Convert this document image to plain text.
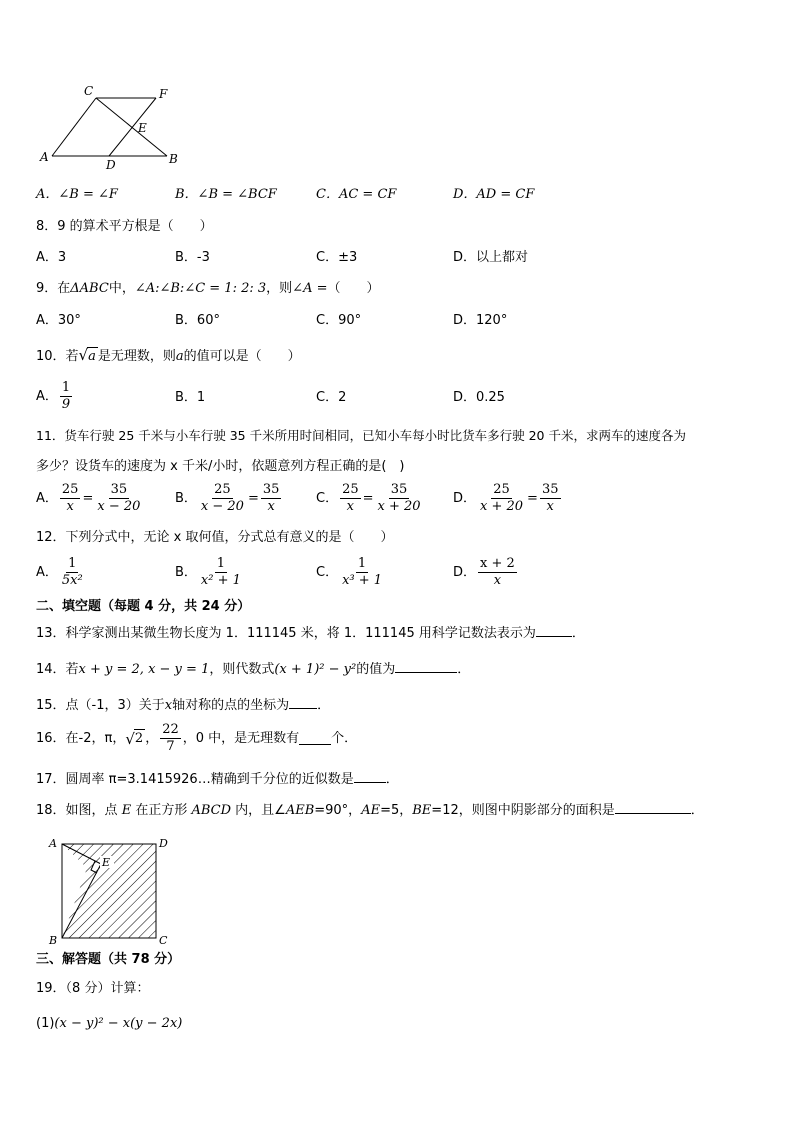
C	F
E
A
D	B
A．∠B = ∠F	B．∠B = ∠BCF	C．AC = CF	D．AD = CF
8．9 的算术平方根是（　　）
A．3	B．-3	C．±3	D．以上都对
9．在ΔABC中，∠A:∠B:∠C = 1: 2: 3，则∠A =（　　）
A．30°	B．60°	C．90°	D．120°
10．若√a 是无理数，则a的值可以是（　　）
A． $\frac{1}{9}$	B．1	C．2	D．0.25
11．货车行驶 25 千米与小车行驶 35 千米所用时间相同，已知小车每小时比货车多行驶 20 千米，求两车的速度各为
多少？设货车的速度为 x 千米/小时，依题意列方程正确的是(　)
A． $\frac{25}{x} = \frac{35}{x - 20}$	B． $\frac{25}{x - 20} = \frac{35}{x}$	C． $\frac{25}{x} = \frac{35}{x + 20}$ D． $\frac{25}{x + 20} = \frac{35}{x}$
12．下列分式中，无论 x 取何值，分式总有意义的是（　　）
A． $\frac{1}{\text{5x²}}$	B． $\frac{1}{\text{x² + 1}}$	C． $\frac{1}{\text{x³ + 1}}$	D． $\frac{x + 2}{x}$
二、填空题（每题 4 分，共 24 分）
13．科学家测出某微生物长度为 1．111145 米，将 1．111145 用科学记数法表示为	．
14．若x + y = 2, x − y = 1，则代数式(x + 1)² − y²的值为	．
15．点（-1，3）关于x轴对称的点的坐标为 ．
16．在-2，π， √ 2 ， $\frac{22}{7}$ ，0 中，是无理数有 个．
17．圆周率 π=3.1415926…精确到千分位的近似数是 ．
18．如图，点 E 在正方形 ABCD 内，且∠AEB=90°，AE=5，BE=12，则图中阴影部分的面积是	．
A	D
E
B	C
三、解答题（共 78 分）
19．（8 分）计算：
(1)(x − y)² − x(y − 2x)
